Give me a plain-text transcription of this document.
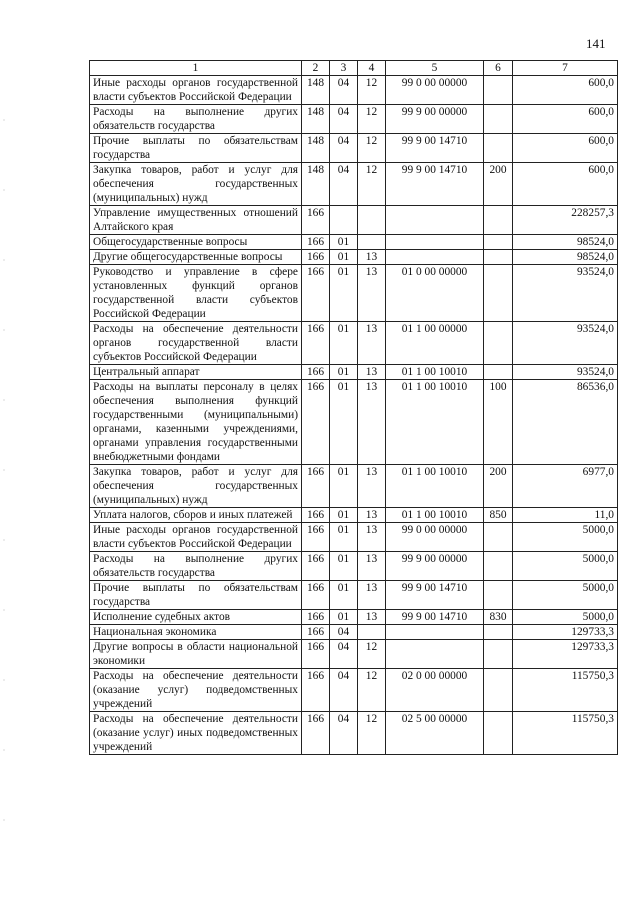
141
1	2	3	4	5	6	7
Иные расходы органов государственной власти субъектов Российской Федерации	148	04	12	99 0 00 00000		600,0
Расходы на выполнение других обязательств государства	148	04	12	99 9 00 00000		600,0
Прочие выплаты по обязательствам государства	148	04	12	99 9 00 14710		600,0
Закупка товаров, работ и услуг для обеспечения государственных (муниципальных) нужд	148	04	12	99 9 00 14710	200	600,0
Управление имущественных отношений Алтайского края	166					228257,3
Общегосударственные вопросы	166	01				98524,0
Другие общегосударственные вопросы	166	01	13			98524,0
Руководство и управление в сфере установленных функций органов государственной власти субъектов Российской Федерации	166	01	13	01 0 00 00000		93524,0
Расходы на обеспечение деятельности органов государственной власти субъектов Российской Федерации	166	01	13	01 1 00 00000		93524,0
Центральный аппарат	166	01	13	01 1 00 10010		93524,0
Расходы на выплаты персоналу в целях обеспечения выполнения функций государственными (муниципальными) органами, казенными учреждениями, органами управления государственными внебюджетными фондами	166	01	13	01 1 00 10010	100	86536,0
Закупка товаров, работ и услуг для обеспечения государственных (муниципальных) нужд	166	01	13	01 1 00 10010	200	6977,0
Уплата налогов, сборов и иных платежей	166	01	13	01 1 00 10010	850	11,0
Иные расходы органов государственной власти субъектов Российской Федерации	166	01	13	99 0 00 00000		5000,0
Расходы на выполнение других обязательств государства	166	01	13	99 9 00 00000		5000,0
Прочие выплаты по обязательствам государства	166	01	13	99 9 00 14710		5000,0
Исполнение судебных актов	166	01	13	99 9 00 14710	830	5000,0
Национальная экономика	166	04				129733,3
Другие вопросы в области национальной экономики	166	04	12			129733,3
Расходы на обеспечение деятельности (оказание услуг) подведомственных учреждений	166	04	12	02 0 00 00000		115750,3
Расходы на обеспечение деятельности (оказание услуг) иных подведомственных учреждений	166	04	12	02 5 00 00000		115750,3
